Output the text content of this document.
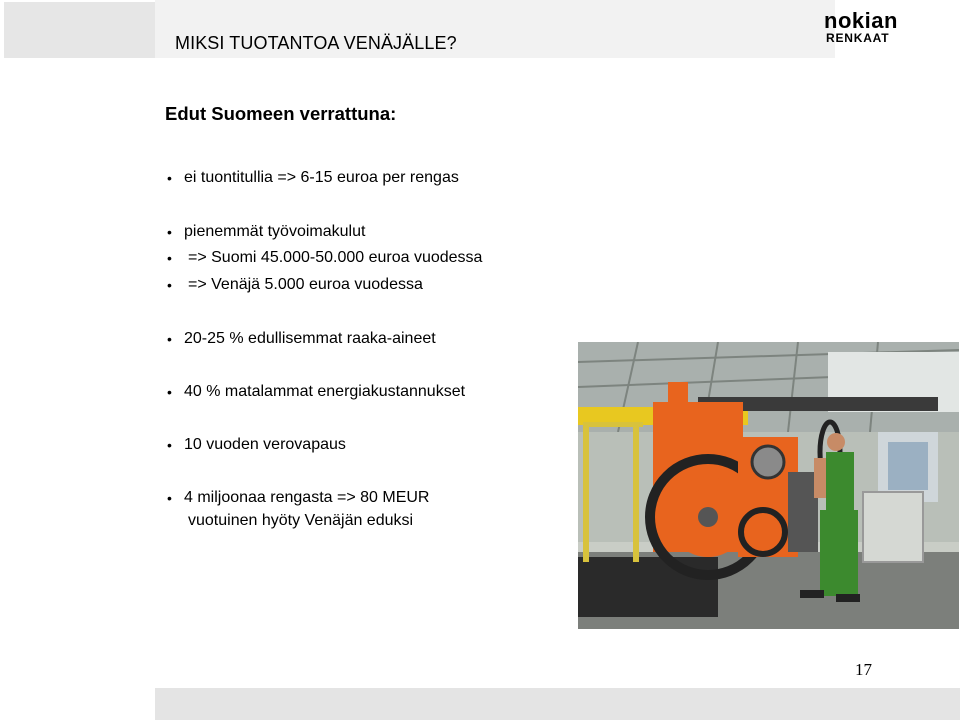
MIKSI TUOTANTOA VENÄJÄLLE?
nokian
RENKAAT
Edut Suomeen verrattuna:
• ei tuontitullia => 6-15 euroa per rengas
• pienemmät työvoimakulut
• => Suomi 45.000-50.000 euroa vuodessa
• => Venäjä 5.000 euroa vuodessa
• 20-25 % edullisemmat raaka-aineet
• 40 % matalammat energiakustannukset
• 10 vuoden verovapaus
• 4 miljoonaa rengasta => 80 MEUR
vuotuinen hyöty Venäjän eduksi
17
